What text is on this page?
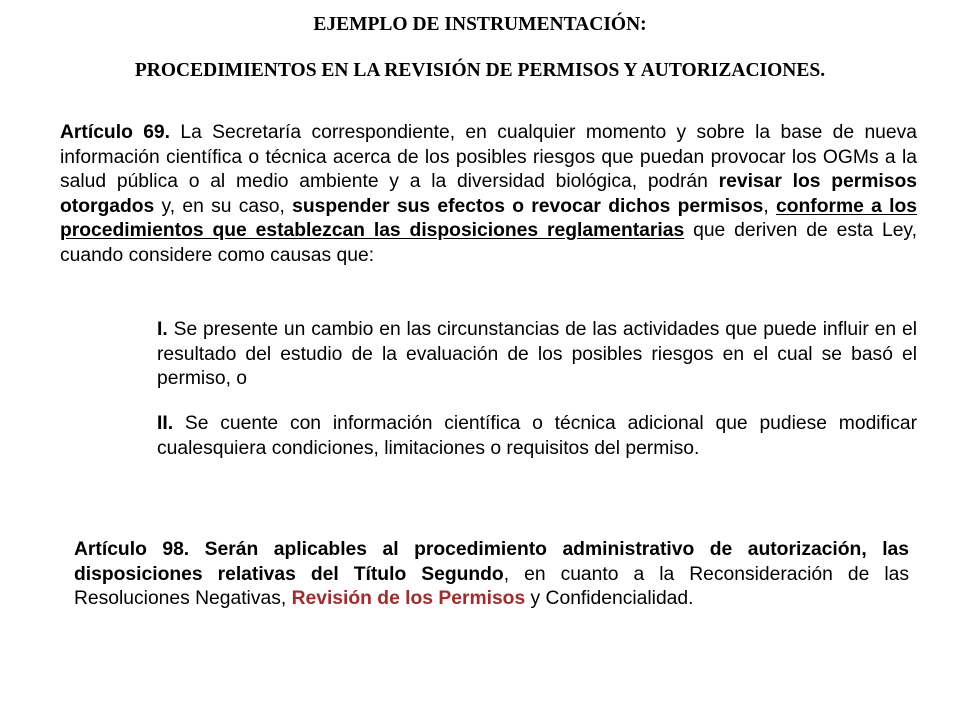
EJEMPLO DE INSTRUMENTACIÓN:
PROCEDIMIENTOS EN LA REVISIÓN DE PERMISOS Y AUTORIZACIONES.

Artículo 69. La Secretaría correspondiente, en cualquier momento y sobre la base de nueva información científica o técnica acerca de los posibles riesgos que puedan provocar los OGMs a la salud pública o al medio ambiente y a la diversidad biológica, podrán revisar los permisos otorgados y, en su caso, suspender sus efectos o revocar dichos permisos, conforme a los procedimientos que establezcan las disposiciones reglamentarias que deriven de esta Ley, cuando considere como causas que:

I. Se presente un cambio en las circunstancias de las actividades que puede influir en el resultado del estudio de la evaluación de los posibles riesgos en el cual se basó el permiso, o

II. Se cuente con información científica o técnica adicional que pudiese modificar cualesquiera condiciones, limitaciones o requisitos del permiso.

Artículo 98. Serán aplicables al procedimiento administrativo de autorización, las disposiciones relativas del Título Segundo, en cuanto a la Reconsideración de las Resoluciones Negativas, Revisión de los Permisos y Confidencialidad.
